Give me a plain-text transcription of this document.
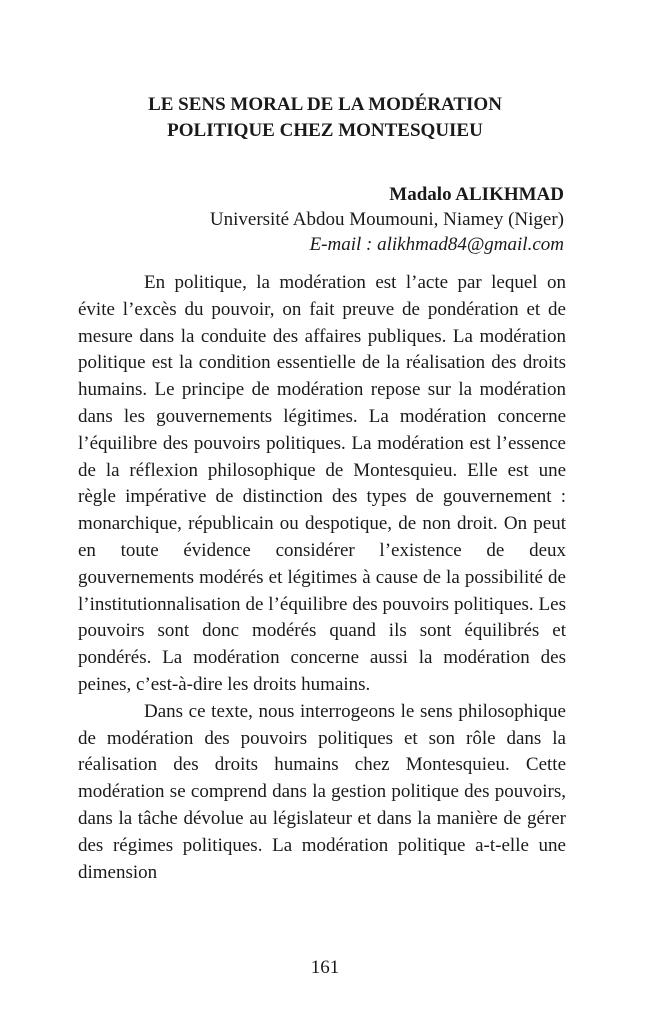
LE SENS MORAL DE LA MODÉRATION
POLITIQUE CHEZ MONTESQUIEU
Madalo ALIKHMAD
Université Abdou Moumouni, Niamey (Niger)
E-mail : alikhmad84@gmail.com

En politique, la modération est l’acte par lequel on évite l’excès du pouvoir, on fait preuve de pondération et de mesure dans la conduite des affaires publiques. La modération politique est la condition essentielle de la réalisation des droits humains. Le principe de modération repose sur la modération dans les gouvernements légitimes. La modération concerne l’équilibre des pouvoirs politiques. La modération est l’essence de la réflexion philosophique de Montesquieu. Elle est une règle impérative de distinction des types de gouvernement : monarchique, républicain ou despotique, de non droit. On peut en toute évidence considérer l’existence de deux gouvernements modérés et légitimes à cause de la possibilité de l’institutionnalisation de l’équilibre des pouvoirs politiques. Les pouvoirs sont donc modérés quand ils sont équilibrés et pondérés. La modération concerne aussi la modération des peines, c’est-à-dire les droits humains.

Dans ce texte, nous interrogeons le sens philosophique de modération des pouvoirs politiques et son rôle dans la réalisation des droits humains chez Montesquieu. Cette modération se comprend dans la gestion politique des pouvoirs, dans la tâche dévolue au législateur et dans la manière de gérer des régimes politiques. La modération politique a-t-elle une dimension

161
